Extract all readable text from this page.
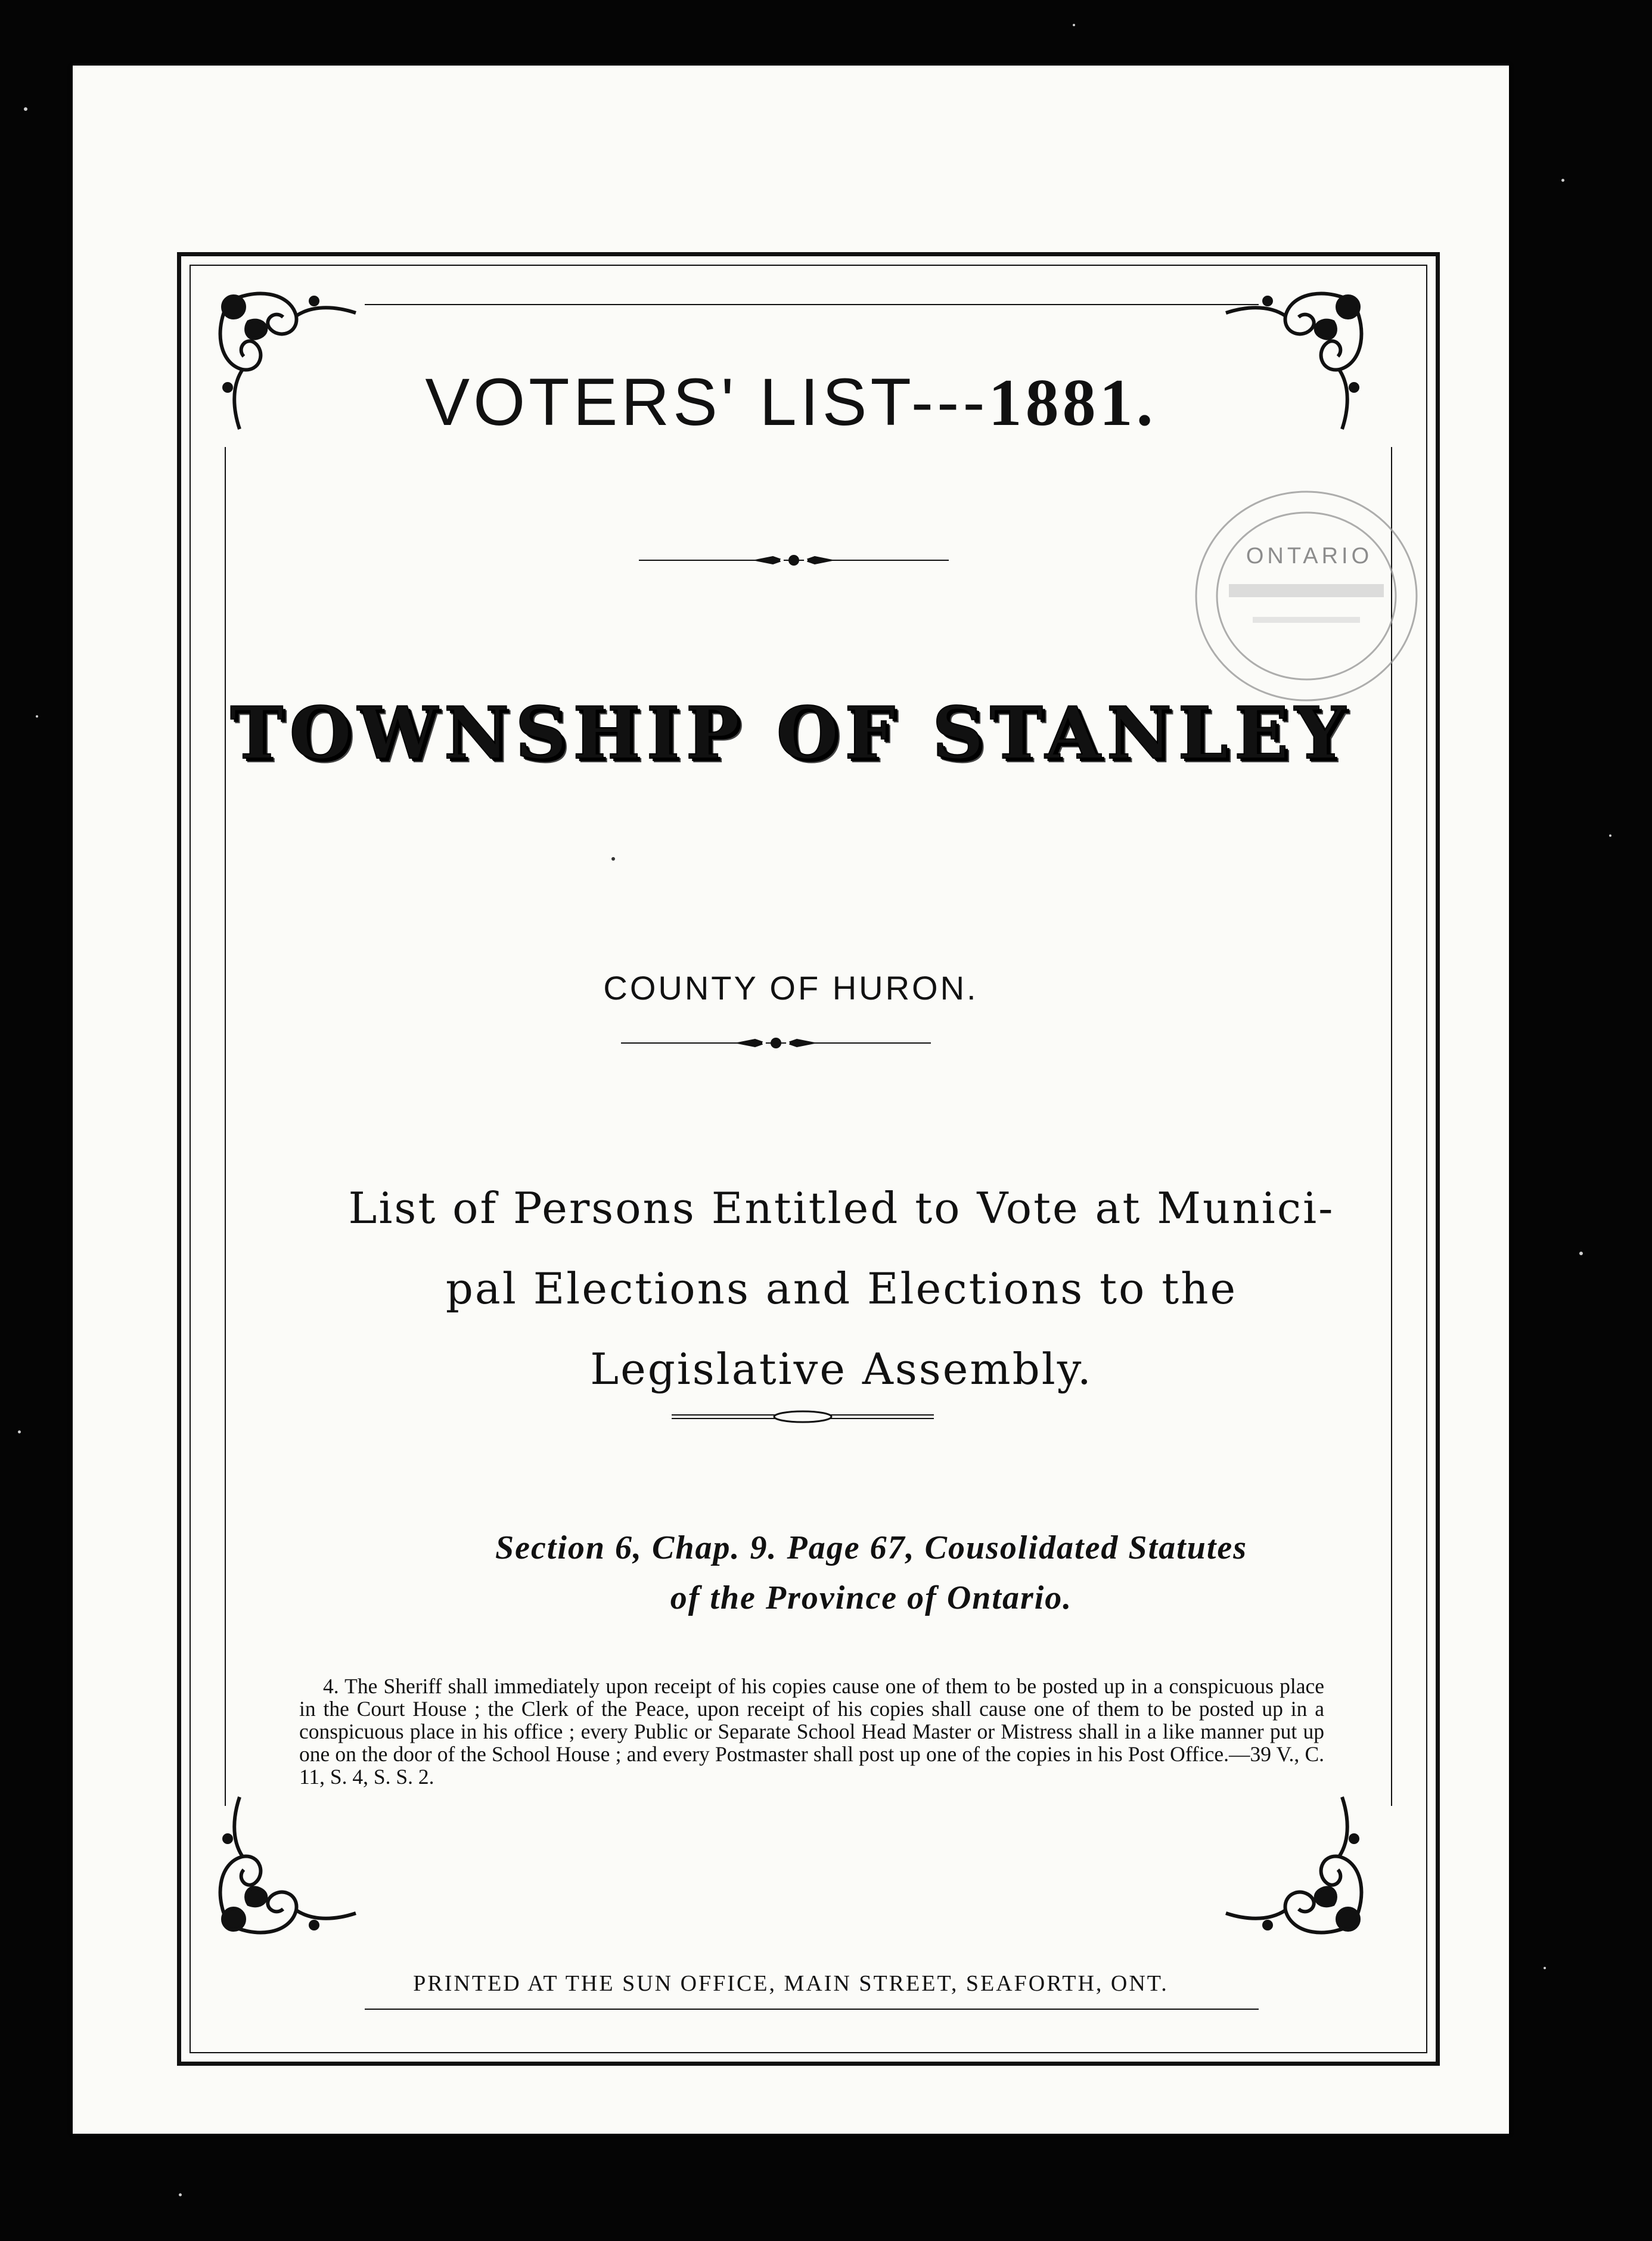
VOTERS' LIST---1881.
ONTARIO
TOWNSHIP OF STANLEY
COUNTY OF HURON.
List of Persons Entitled to Vote at Munici-
pal Elections and Elections to the
Legislative Assembly.
Section 6, Chap. 9. Page 67, Cousolidated Statutes
of the Province of Ontario.

4. The Sheriff shall immediately upon receipt of his copies cause one of them to be posted up in a conspicuous place in the Court House ; the Clerk of the Peace, upon receipt of his copies shall cause one of them to be posted up in a conspicuous place in his office ; every Public or Separate School Head Master or Mistress shall in a like manner put up one on the door of the School House ; and every Postmaster shall post up one of the copies in his Post Office.—39 V., C. 11, S. 4, S. S. 2.

PRINTED AT THE SUN OFFICE, MAIN STREET, SEAFORTH, ONT.
